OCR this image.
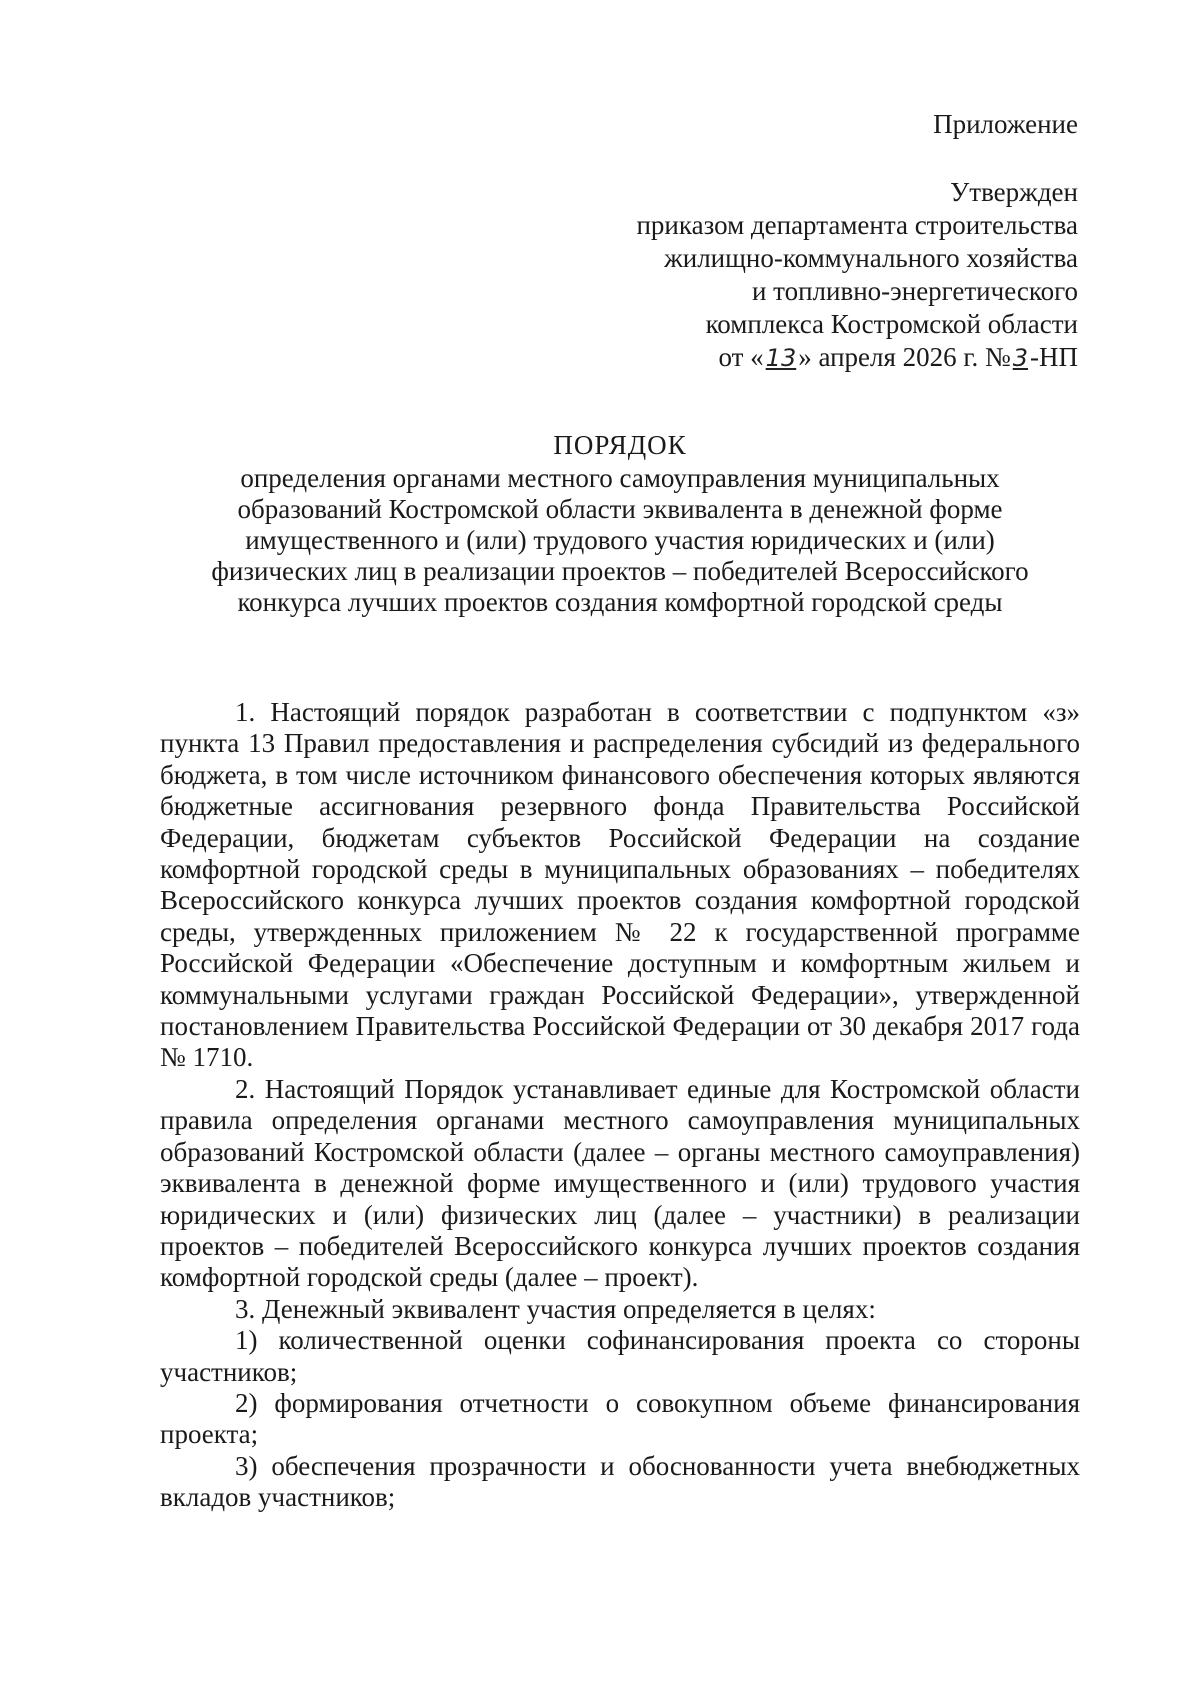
Приложение
Утвержден
приказом департамента строительства
жилищно-коммунального хозяйства
и топливно-энергетического
комплекса Костромской области
от «13» апреля 2026 г. №3-НП
ПОРЯДОК
определения органами местного самоуправления муниципальных
образований Костромской области эквивалента в денежной форме
имущественного и (или) трудового участия юридических и (или)
физических лиц в реализации проектов – победителей Всероссийского
конкурса лучших проектов создания комфортной городской среды

1. Настоящий порядок разработан в соответствии с подпунктом «з» пункта 13 Правил предоставления и распределения субсидий из федерального бюджета, в том числе источником финансового обеспечения которых являются бюджетные ассигнования резервного фонда Правительства Российской Федерации, бюджетам субъектов Российской Федерации на создание комфортной городской среды в муниципальных образованиях – победителях Всероссийского конкурса лучших проектов создания комфортной городской среды, утвержденных приложением № 22 к государственной программе Российской Федерации «Обеспечение доступным и комфортным жильем и коммунальными услугами граждан Российской Федерации», утвержденной постановлением Правительства Российской Федерации от 30 декабря 2017 года № 1710.

2. Настоящий Порядок устанавливает единые для Костромской области правила определения органами местного самоуправления муниципальных образований Костромской области (далее – органы местного самоуправления) эквивалента в денежной форме имущественного и (или) трудового участия юридических и (или) физических лиц (далее – участники) в реализации проектов – победителей Всероссийского конкурса лучших проектов создания комфортной городской среды (далее – проект).

3. Денежный эквивалент участия определяется в целях:

1) количественной оценки софинансирования проекта со стороны участников;

2) формирования отчетности о совокупном объеме финансирования проекта;

3) обеспечения прозрачности и обоснованности учета внебюджетных вкладов участников;
